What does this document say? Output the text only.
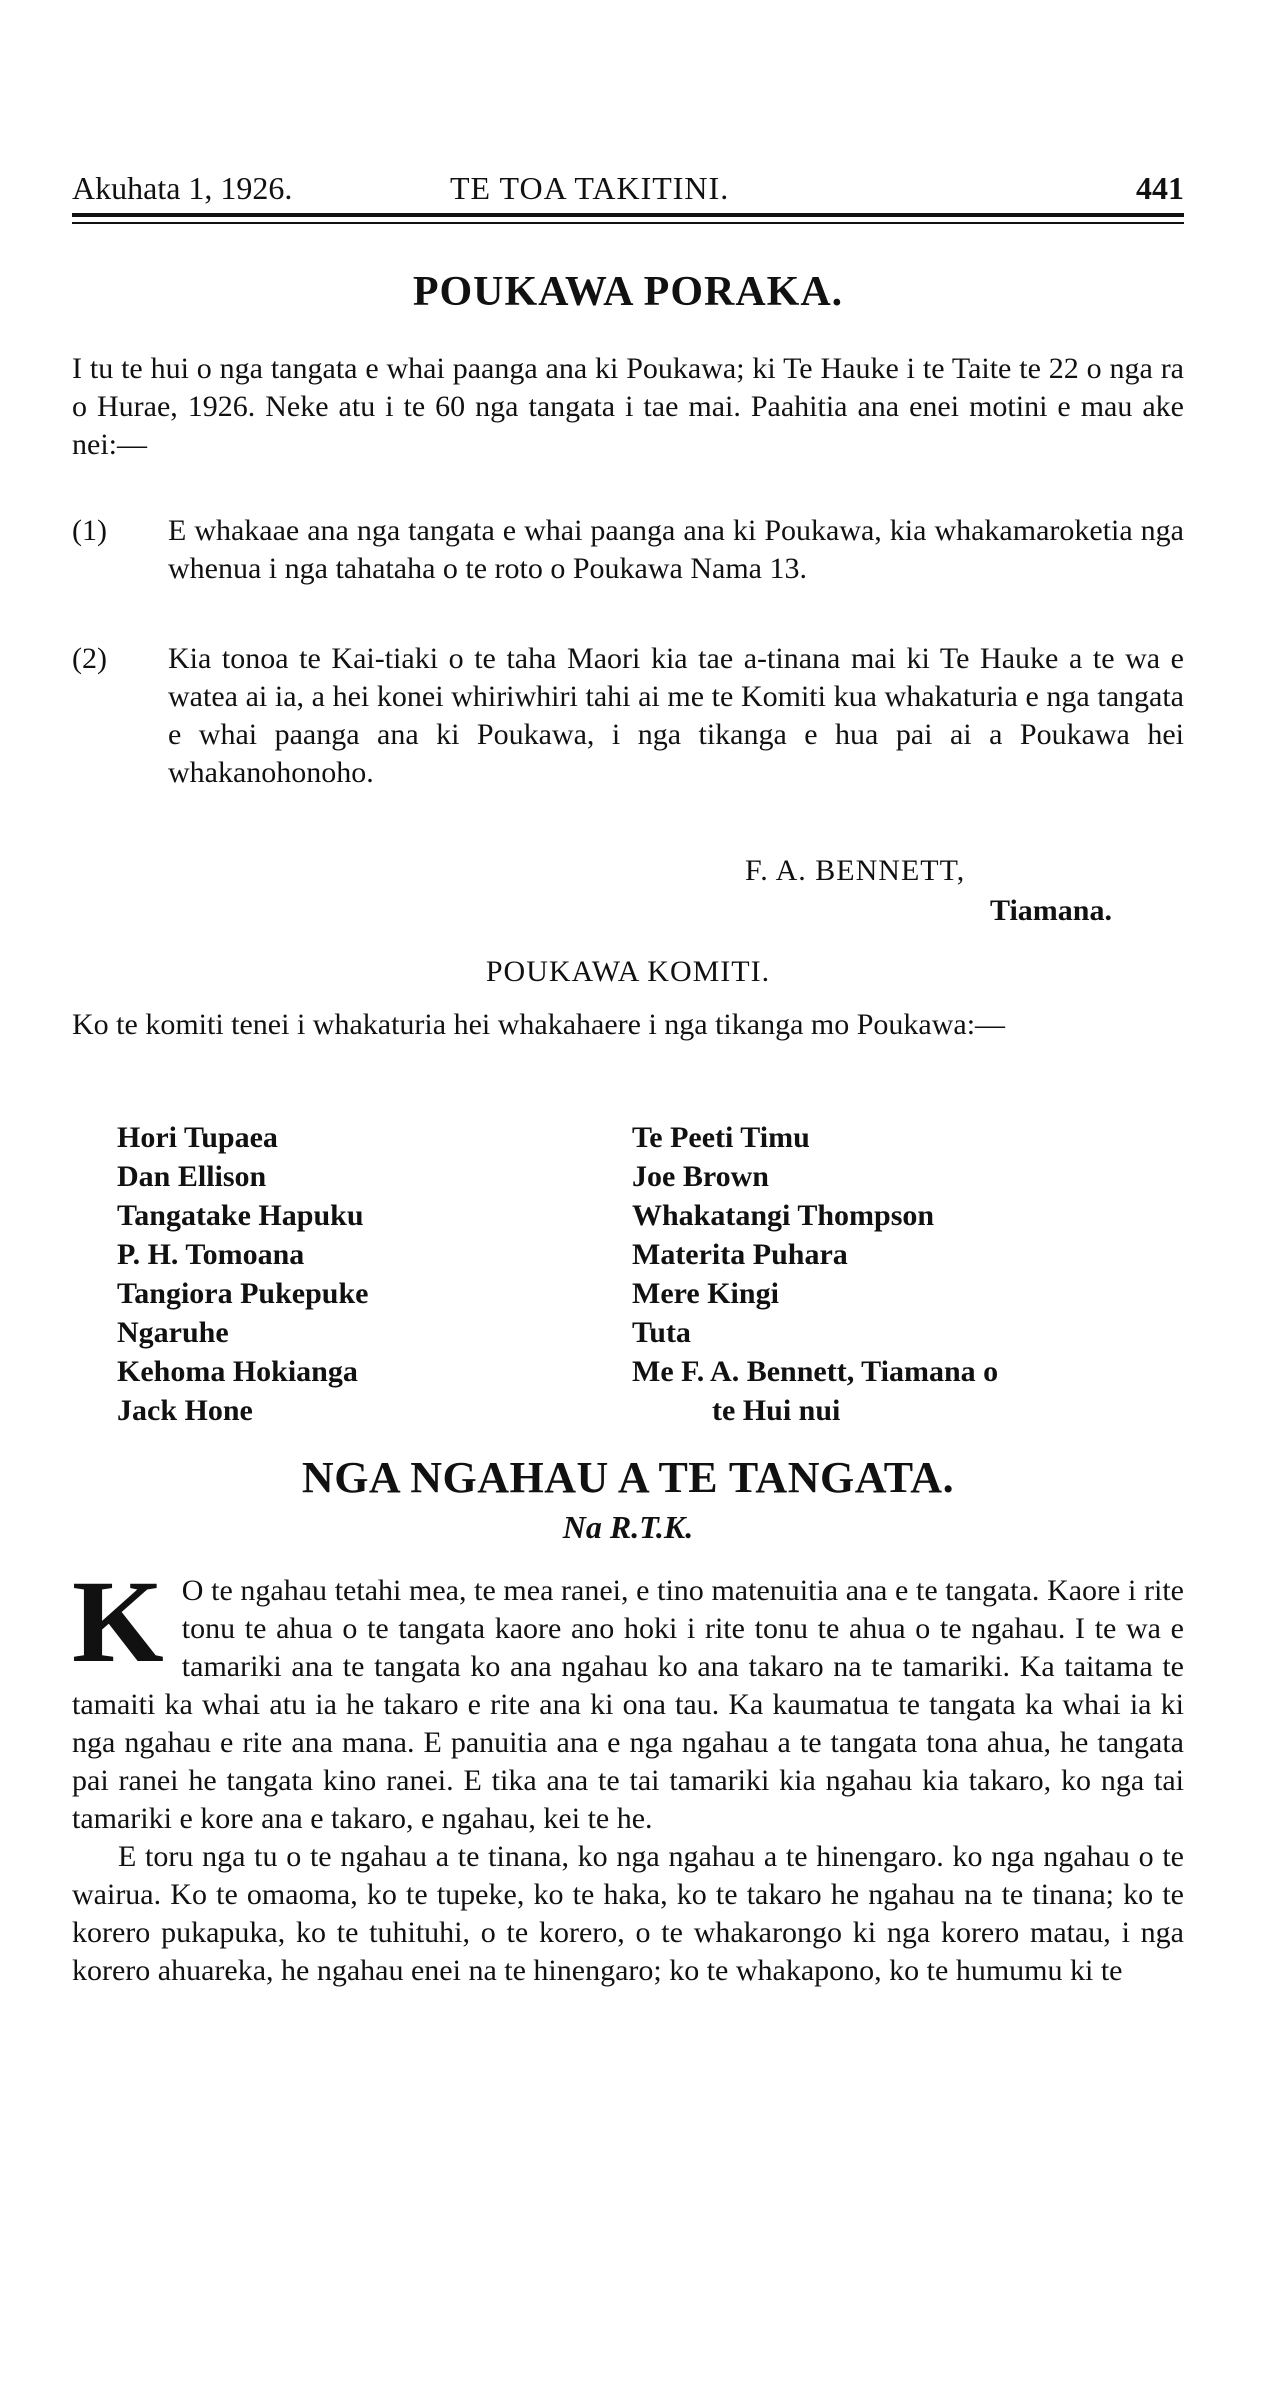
Akuhata 1, 1926.	TE TOA TAKITINI.	441
POUKAWA PORAKA.

I tu te hui o nga tangata e whai paanga ana ki Poukawa; ki Te Hauke i te Taite te 22 o nga ra o Hurae, 1926. Neke atu i te 60 nga tangata i tae mai. Paahitia ana enei motini e mau ake nei:—

(1)	E whakaae ana nga tangata e whai paanga ana ki Poukawa, kia whakamaroketia nga whenua i nga tahataha o te roto o Poukawa Nama 13.
(2)	Kia tonoa te Kai-tiaki o te taha Maori kia tae a-tinana mai ki Te Hauke a te wa e watea ai ia, a hei konei whiriwhiri tahi ai me te Komiti kua whakaturia e nga tangata e whai paanga ana ki Poukawa, i nga tikanga e hua pai ai a Poukawa hei whakanohonoho.
F. A. BENNETT,
Tiamana.
POUKAWA KOMITI.

Ko te komiti tenei i whakaturia hei whakahaere i nga tikanga mo Poukawa:—

Hori Tupaea
Dan Ellison
Tangatake Hapuku
P. H. Tomoana
Tangiora Pukepuke
Ngaruhe
Kehoma Hokianga
Jack Hone
Te Peeti Timu
Joe Brown
Whakatangi Thompson
Materita Puhara
Mere Kingi
Tuta
Me F. A. Bennett, Tiamana o
te Hui nui
NGA NGAHAU A TE TANGATA.
Na R.T.K.
K O te ngahau tetahi mea, te mea ranei, e tino matenuitia ana e te tangata. Kaore i rite tonu te ahua o te tangata kaore ano hoki i rite tonu te ahua o te ngahau. I te wa e tamariki ana te tangata ko ana ngahau ko ana takaro na te tamariki. Ka taitama te tamaiti ka whai atu ia he takaro e rite ana ki ona tau. Ka kaumatua te tangata ka whai ia ki nga ngahau e rite ana mana. E panuitia ana e nga ngahau a te tangata tona ahua, he tangata pai ranei he tangata kino ranei. E tika ana te tai tamariki kia ngahau kia takaro, ko nga tai tamariki e kore ana e takaro, e ngahau, kei te he.

E toru nga tu o te ngahau a te tinana, ko nga ngahau a te hinengaro. ko nga ngahau o te wairua. Ko te omaoma, ko te tupeke, ko te haka, ko te takaro he ngahau na te tinana; ko te korero pukapuka, ko te tuhituhi, o te korero, o te whakarongo ki nga korero matau, i nga korero ahuareka, he ngahau enei na te hinengaro; ko te whakapono, ko te humumu ki te
